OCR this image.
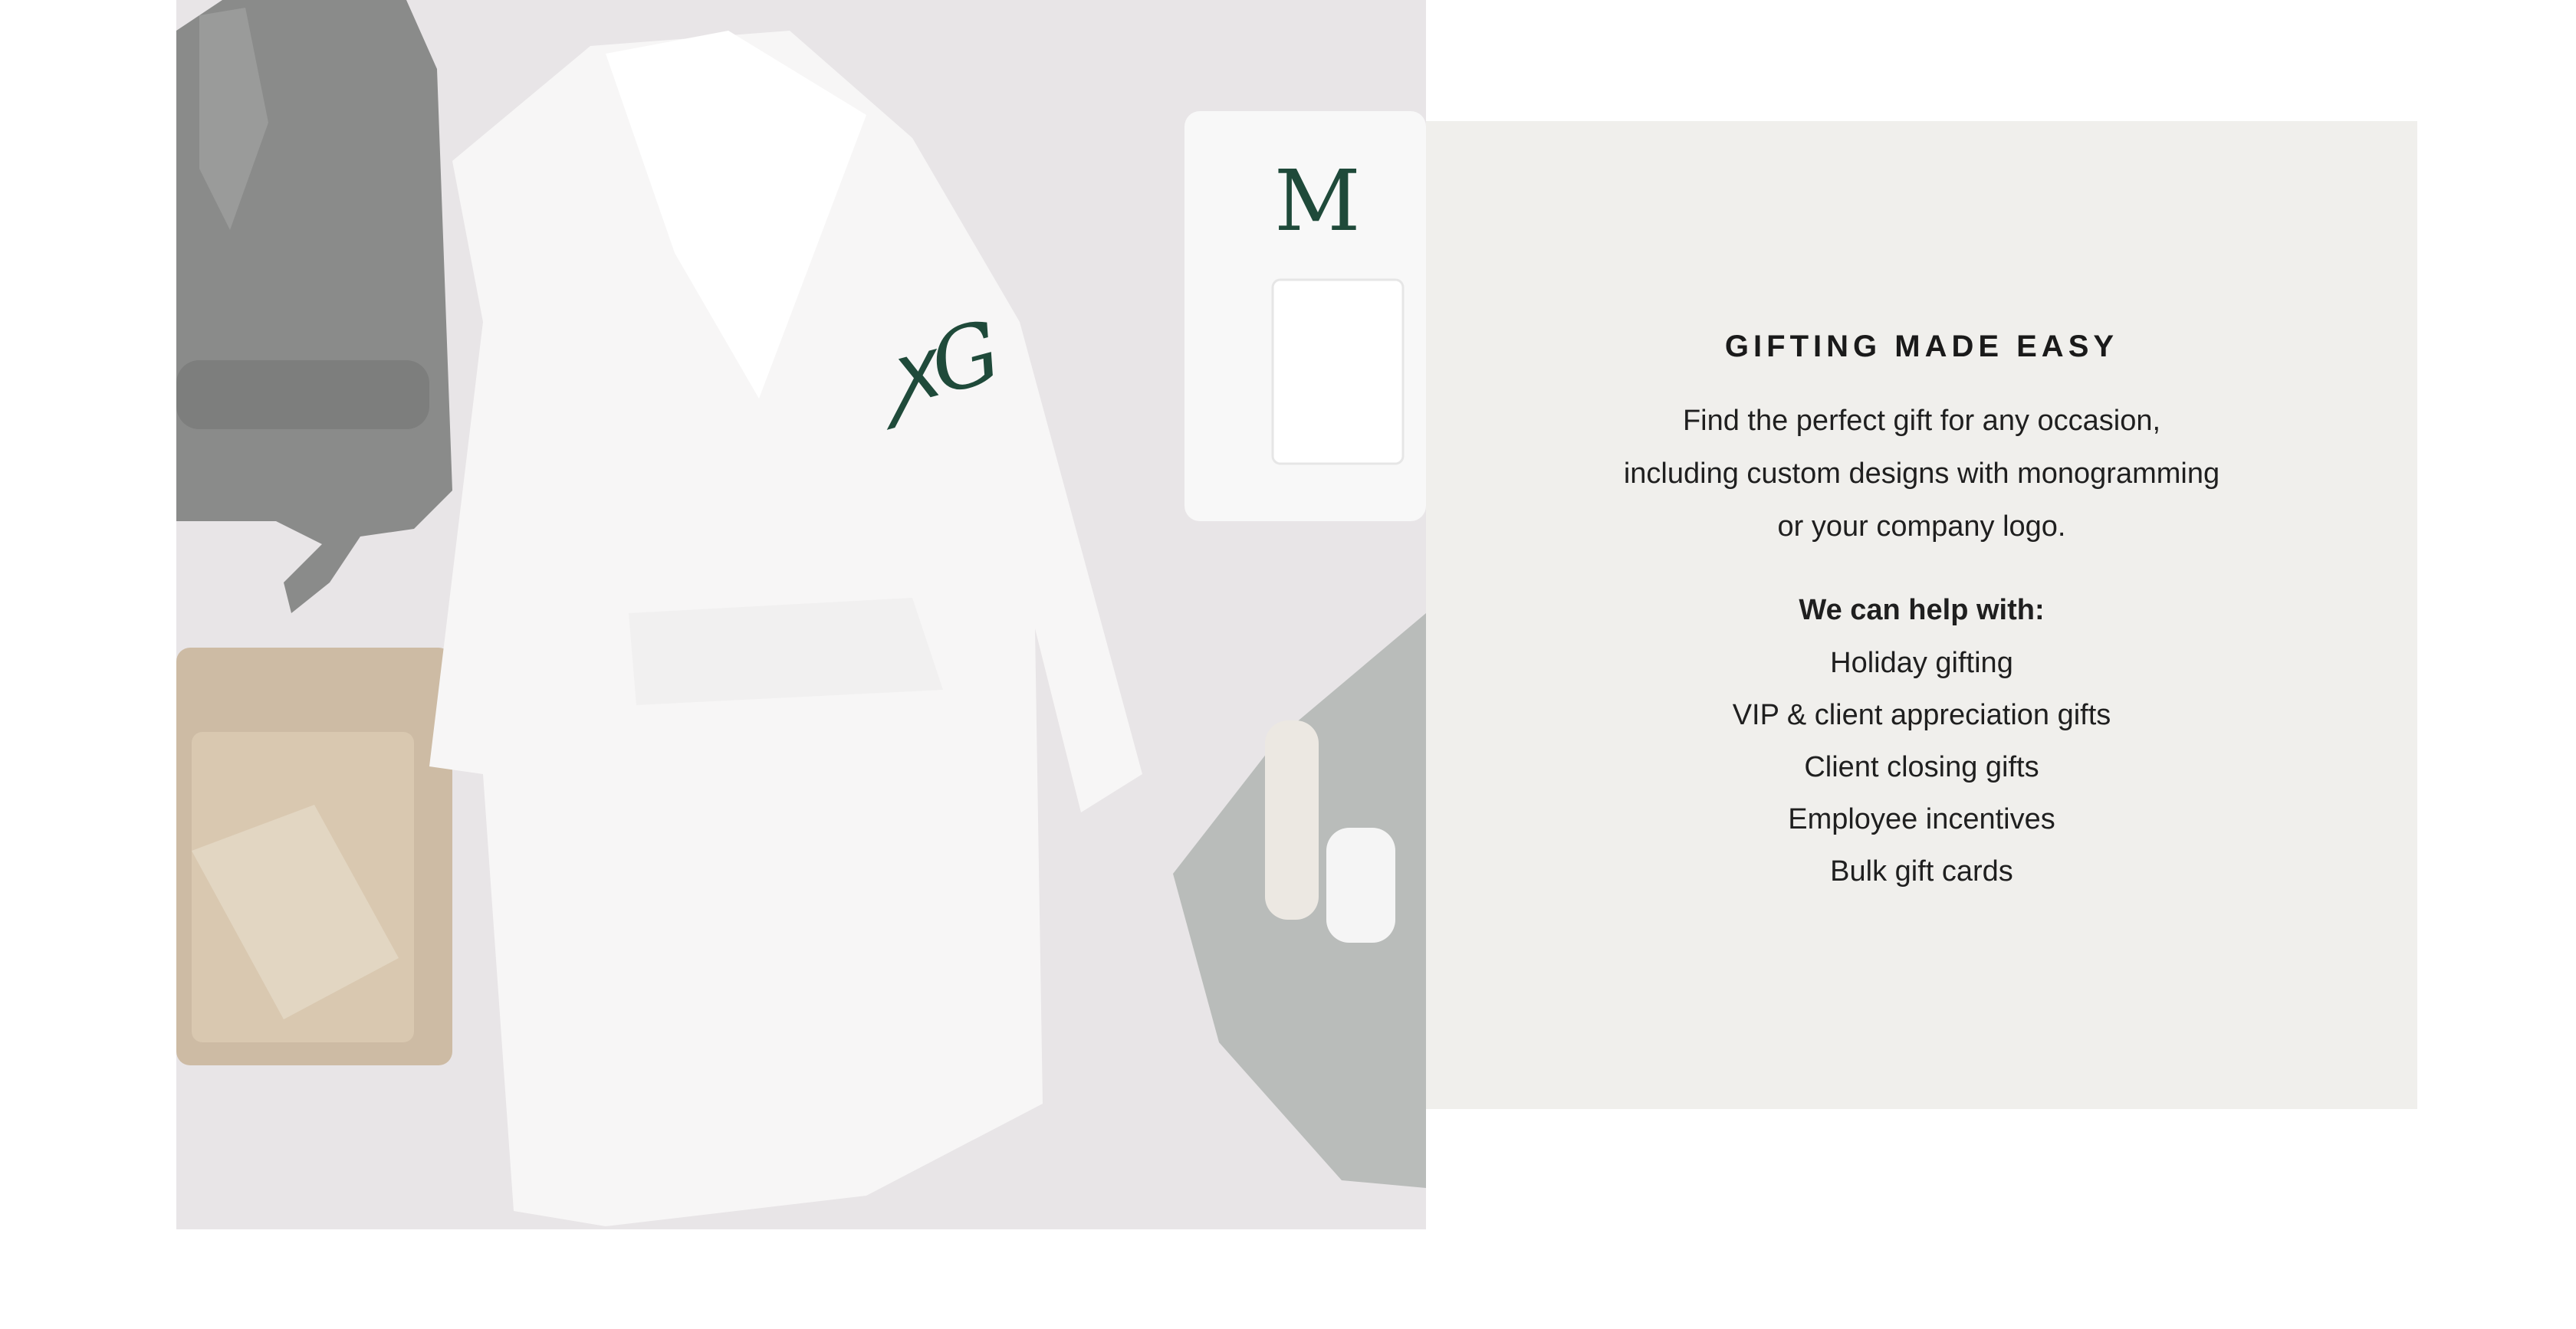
ꭗG
M
GIFTING MADE EASY
Find the perfect gift for any occasion,
including custom designs with monogramming
or your company logo.
We can help with:
Holiday gifting
VIP & client appreciation gifts
Client closing gifts
Employee incentives
Bulk gift cards
